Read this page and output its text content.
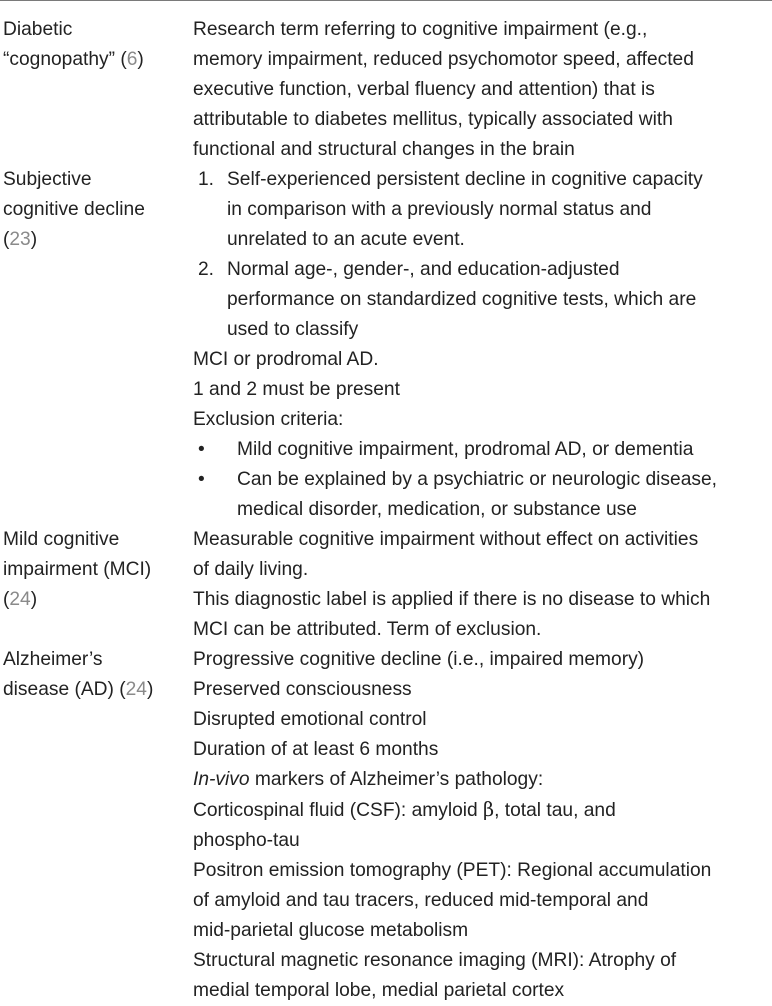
Diabetic
“cognopathy” (6)
Research term referring to cognitive impairment (e.g.,
memory impairment, reduced psychomotor speed, affected
executive function, verbal fluency and attention) that is
attributable to diabetes mellitus, typically associated with
functional and structural changes in the brain
Subjective
cognitive decline
(23)
1. Self-experienced persistent decline in cognitive capacity
in comparison with a previously normal status and
unrelated to an acute event.
2. Normal age-, gender-, and education-adjusted
performance on standardized cognitive tests, which are
used to classify
MCI or prodromal AD.
1 and 2 must be present
Exclusion criteria:
•	Mild cognitive impairment, prodromal AD, or dementia
•	Can be explained by a psychiatric or neurologic disease,
medical disorder, medication, or substance use
Mild cognitive
impairment (MCI)
(24)
Measurable cognitive impairment without effect on activities
of daily living.
This diagnostic label is applied if there is no disease to which
MCI can be attributed. Term of exclusion.
Alzheimer’s
disease (AD) (24)
Progressive cognitive decline (i.e., impaired memory)
Preserved consciousness
Disrupted emotional control
Duration of at least 6 months
In-vivo markers of Alzheimer’s pathology:
Corticospinal fluid (CSF): amyloid β, total tau, and
phospho-tau
Positron emission tomography (PET): Regional accumulation
of amyloid and tau tracers, reduced mid-temporal and
mid-parietal glucose metabolism
Structural magnetic resonance imaging (MRI): Atrophy of
medial temporal lobe, medial parietal cortex
